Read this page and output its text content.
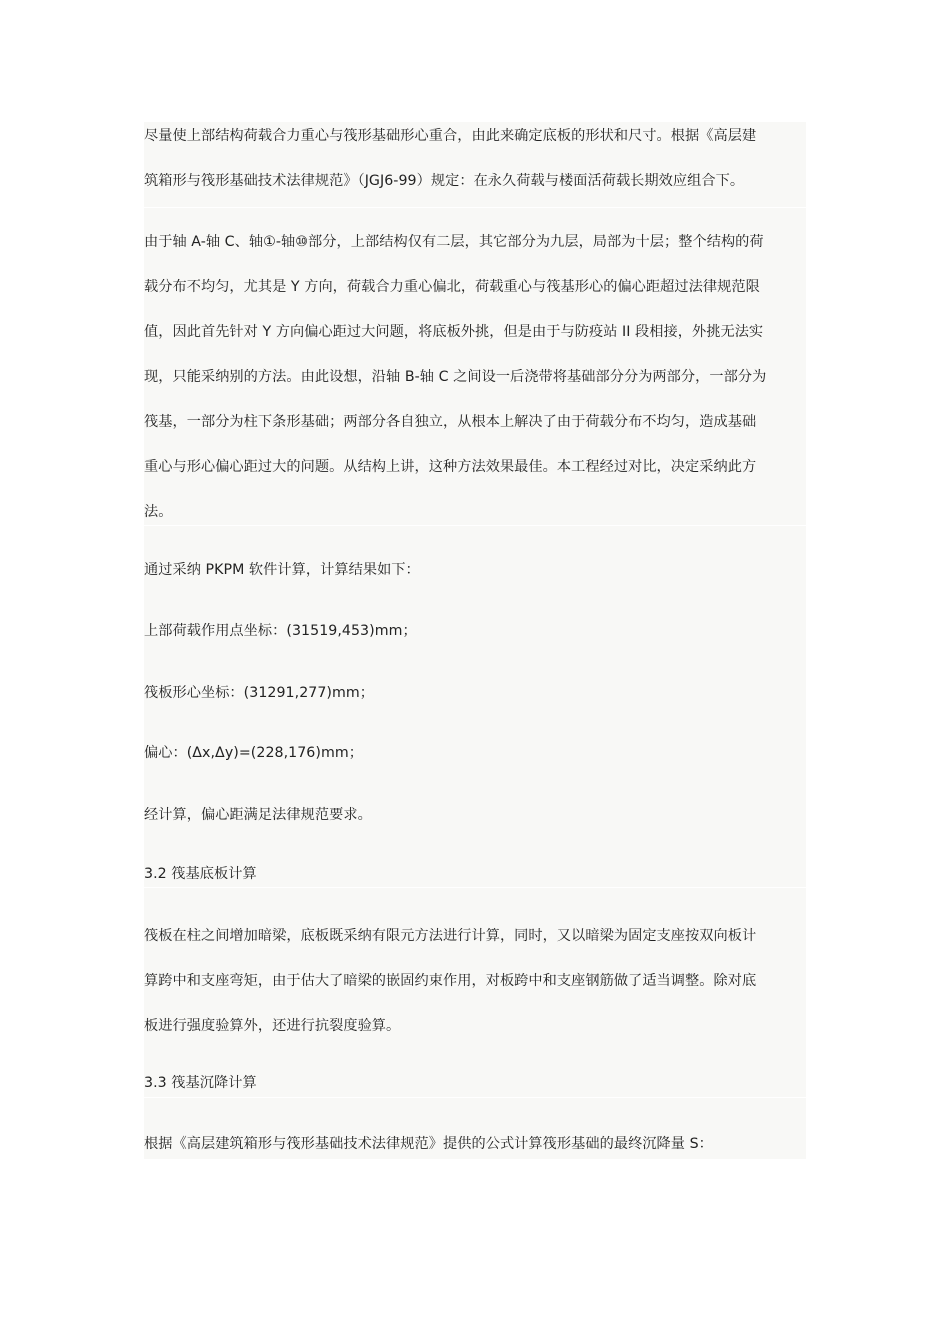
尽量使上部结构荷载合力重心与筏形基础形心重合，由此来确定底板的形状和尺寸。根据《高层建
筑箱形与筏形基础技术法律规范》（JGJ6-99）规定：在永久荷载与楼面活荷载长期效应组合下。
由于轴 A-轴 C、轴①-轴⑩部分，上部结构仅有二层，其它部分为九层，局部为十层；整个结构的荷
载分布不均匀，尤其是 Y 方向，荷载合力重心偏北，荷载重心与筏基形心的偏心距超过法律规范限
值，因此首先针对 Y 方向偏心距过大问题，将底板外挑，但是由于与防疫站 II 段相接，外挑无法实
现，只能采纳别的方法。由此设想，沿轴 B-轴 C 之间设一后浇带将基础部分分为两部分，一部分为
筏基，一部分为柱下条形基础；两部分各自独立，从根本上解决了由于荷载分布不均匀，造成基础
重心与形心偏心距过大的问题。从结构上讲，这种方法效果最佳。本工程经过对比，决定采纳此方
法。
通过采纳 PKPM 软件计算，计算结果如下：
上部荷载作用点坐标：(31519,453)mm；
筏板形心坐标：(31291,277)mm；
偏心：(Δx,Δy)=(228,176)mm；
经计算，偏心距满足法律规范要求。
3.2 筏基底板计算
筏板在柱之间增加暗梁，底板既采纳有限元方法进行计算，同时，又以暗梁为固定支座按双向板计
算跨中和支座弯矩，由于估大了暗梁的嵌固约束作用，对板跨中和支座钢筋做了适当调整。除对底
板进行强度验算外，还进行抗裂度验算。
3.3 筏基沉降计算
根据《高层建筑箱形与筏形基础技术法律规范》提供的公式计算筏形基础的最终沉降量 S：
